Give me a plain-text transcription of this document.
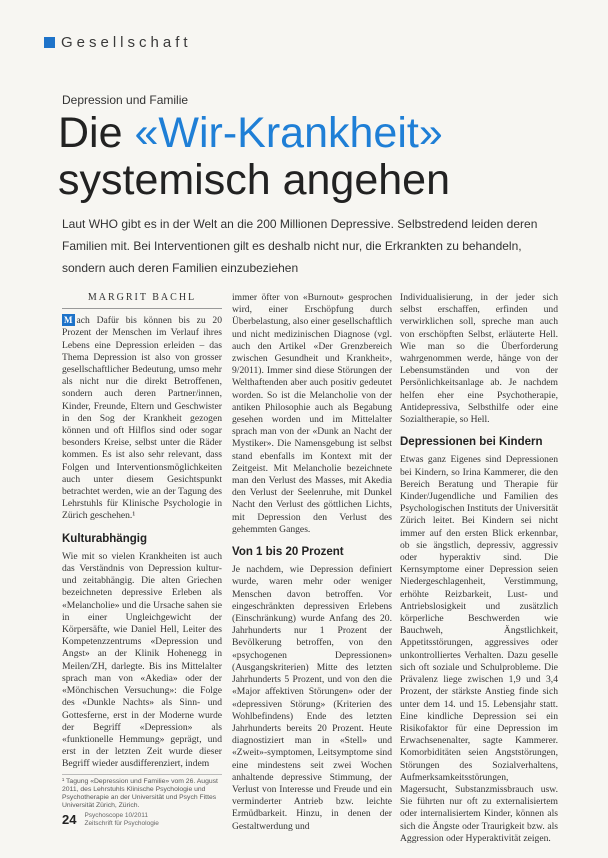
Gesellschaft
Depression und Familie
Die «Wir-Krankheit»
systemisch angehen
Laut WHO gibt es in der Welt an die 200 Millionen Depressive. Selbstredend leiden deren Familien mit. Bei Interventionen gilt es deshalb nicht nur, die Erkrankten zu behandeln, sondern auch deren Familien einzubeziehen
MARGRIT BACHL

M ach Dafür bis können bis zu 20 Prozent der Menschen im Verlauf ihres Lebens eine Depression erleiden – das Thema Depression ist also von grosser gesellschaftlicher Bedeutung, umso mehr als nicht nur die direkt Betroffenen, sondern auch deren Partner/innen, Kinder, Freunde, Eltern und Geschwister in den Sog der Krankheit gezogen können und oft Hilflos sind oder sogar besonders Kreise, selbst unter die Räder kommen. Es ist also sehr relevant, dass Folgen und Interventionsmöglichkeiten auch unter diesem Gesichtspunkt betrachtet werden, wie an der Tagung des Lehrstuhls für Klinische Psychologie in Zürich geschehen.¹

Kulturabhängig

Wie mit so vielen Krankheiten ist auch das Verständnis von Depression kultur- und zeitabhängig. Die alten Griechen bezeichneten depressive Erleben als «Melancholie» und die Ursache sahen sie in einer Ungleichgewicht der Körpersäfte, wie Daniel Hell, Leiter des Kompetenzzentrums «Depression und Angst» an der Klinik Hohenegg in Meilen/ZH, darlegte. Bis ins Mittelalter sprach man von «Akedia» oder der «Mönchischen Versuchung»: die Folge des «Dunkle Nachts» als Sinn- und Gottesferne, erst in der Moderne wurde der Begriff «Depression» als «funktionelle Hemmung» geprägt, und erst in der letzten Zeit wurde dieser Begriff wieder ausdifferenziert, indem

immer öfter von «Burnout» gesprochen wird, einer Erschöpfung durch Überbelastung, also einer gesellschaftlich und nicht medizinischen Diagnose (vgl. auch den Artikel «Der Grenzbereich zwischen Gesundheit und Krankheit», 9/2011). Immer sind diese Störungen der Welthaftenden aber auch positiv gedeutet worden. So ist die Melancholie von der antiken Philosophie auch als Begabung gesehen worden und im Mittelalter sprach man von der «Dunk an Nacht der Mystiker». Die Namensgebung ist selbst stand ebenfalls im Kontext mit der Zeitgeist. Mit Melancholie bezeichnete man den Verlust des Masses, mit Akedia den Verlust der Seelenruhe, mit Dunkel Nacht den Verlust des göttlichen Lichts, mit Depression den Verlust des gehemmten Ganges.

Von 1 bis 20 Prozent

Je nachdem, wie Depression definiert wurde, waren mehr oder weniger Menschen davon betroffen. Vor eingeschränkten depressiven Erlebens (Einschränkung) wurde Anfang des 20. Jahrhunderts nur 1 Prozent der Bevölkerung betroffen, von den «psychogenen Depressionen» (Ausgangskriterien) Mitte des letzten Jahrhunderts 5 Prozent, und von den die «Major affektiven Störungen» oder der «depressiven Störung» (Kriterien des Wohlbefindens) Ende des letzten Jahrhunderts bereits 20 Prozent. Heute diagnostiziert man in «Stell» und «Zweit»-symptomen, Leitsymptome sind eine mindestens seit zwei Wochen anhaltende depressive Stimmung, der Verlust von Interesse und Freude und ein verminderter Antrieb bzw. leichte Ermüdbarkeit. Hinzu, in denen der Gestaltwerdung und

Individualisierung, in der jeder sich selbst erschaffen, erfinden und verwirklichen soll, spreche man auch von erschöpften Selbst, erläuterte Hell. Wie man so die Überforderung wahrgenommen werde, hänge von der Lebensumständen und von der Persönlichkeitsanlage ab. Je nachdem helfen eher eine Psychotherapie, Antidepressiva, Selbsthilfe oder eine Sozialtherapie, so Hell.

Depressionen bei Kindern

Etwas ganz Eigenes sind Depressionen bei Kindern, so Irina Kammerer, die den Bereich Beratung und Therapie für Kinder/Jugendliche und Familien des Psychologischen Instituts der Universität Zürich leitet. Bei Kindern sei nicht immer auf den ersten Blick erkennbar, ob sie ängstlich, depressiv, aggressiv oder hyperaktiv sind. Die Kernsymptome einer Depression seien Niedergeschlagenheit, Verstimmung, erhöhte Reizbarkeit, Lust- und Antriebslosigkeit und zusätzlich körperliche Beschwerden wie Bauchweh, Ängstlichkeit, Appetitsstörungen, aggressives oder unkontrolliertes Verhalten. Dazu geselle sich oft soziale und Schulprobleme. Die Prävalenz liege zwischen 1,9 und 3,4 Prozent, der stärkste Anstieg finde sich unter dem 14. und 15. Lebensjahr statt. Eine kindliche Depression sei ein Risikofaktor für eine Depression im Erwachsenenalter, sagte Kammerer. Komorbiditäten seien Angststörungen, Störungen des Sozialverhaltens, Aufmerksamkeitsstörungen, Magersucht, Substanzmissbrauch usw. Sie führten nur oft zu externalisiertem oder internalisiertem Kinder, können als sich die Ängste oder Traurigkeit bzw. als Aggression oder Hyperaktivität zeigen.

¹ Tagung «Depression und Familie» vom 26. August 2011, des Lehrstuhls Klinische Psychologie und Psychotherapie an der Universität und Psych Fittes Universität Zürich, Zürich.
24 Psychoscope 10/2011
Zeitschrift für Psychologie
